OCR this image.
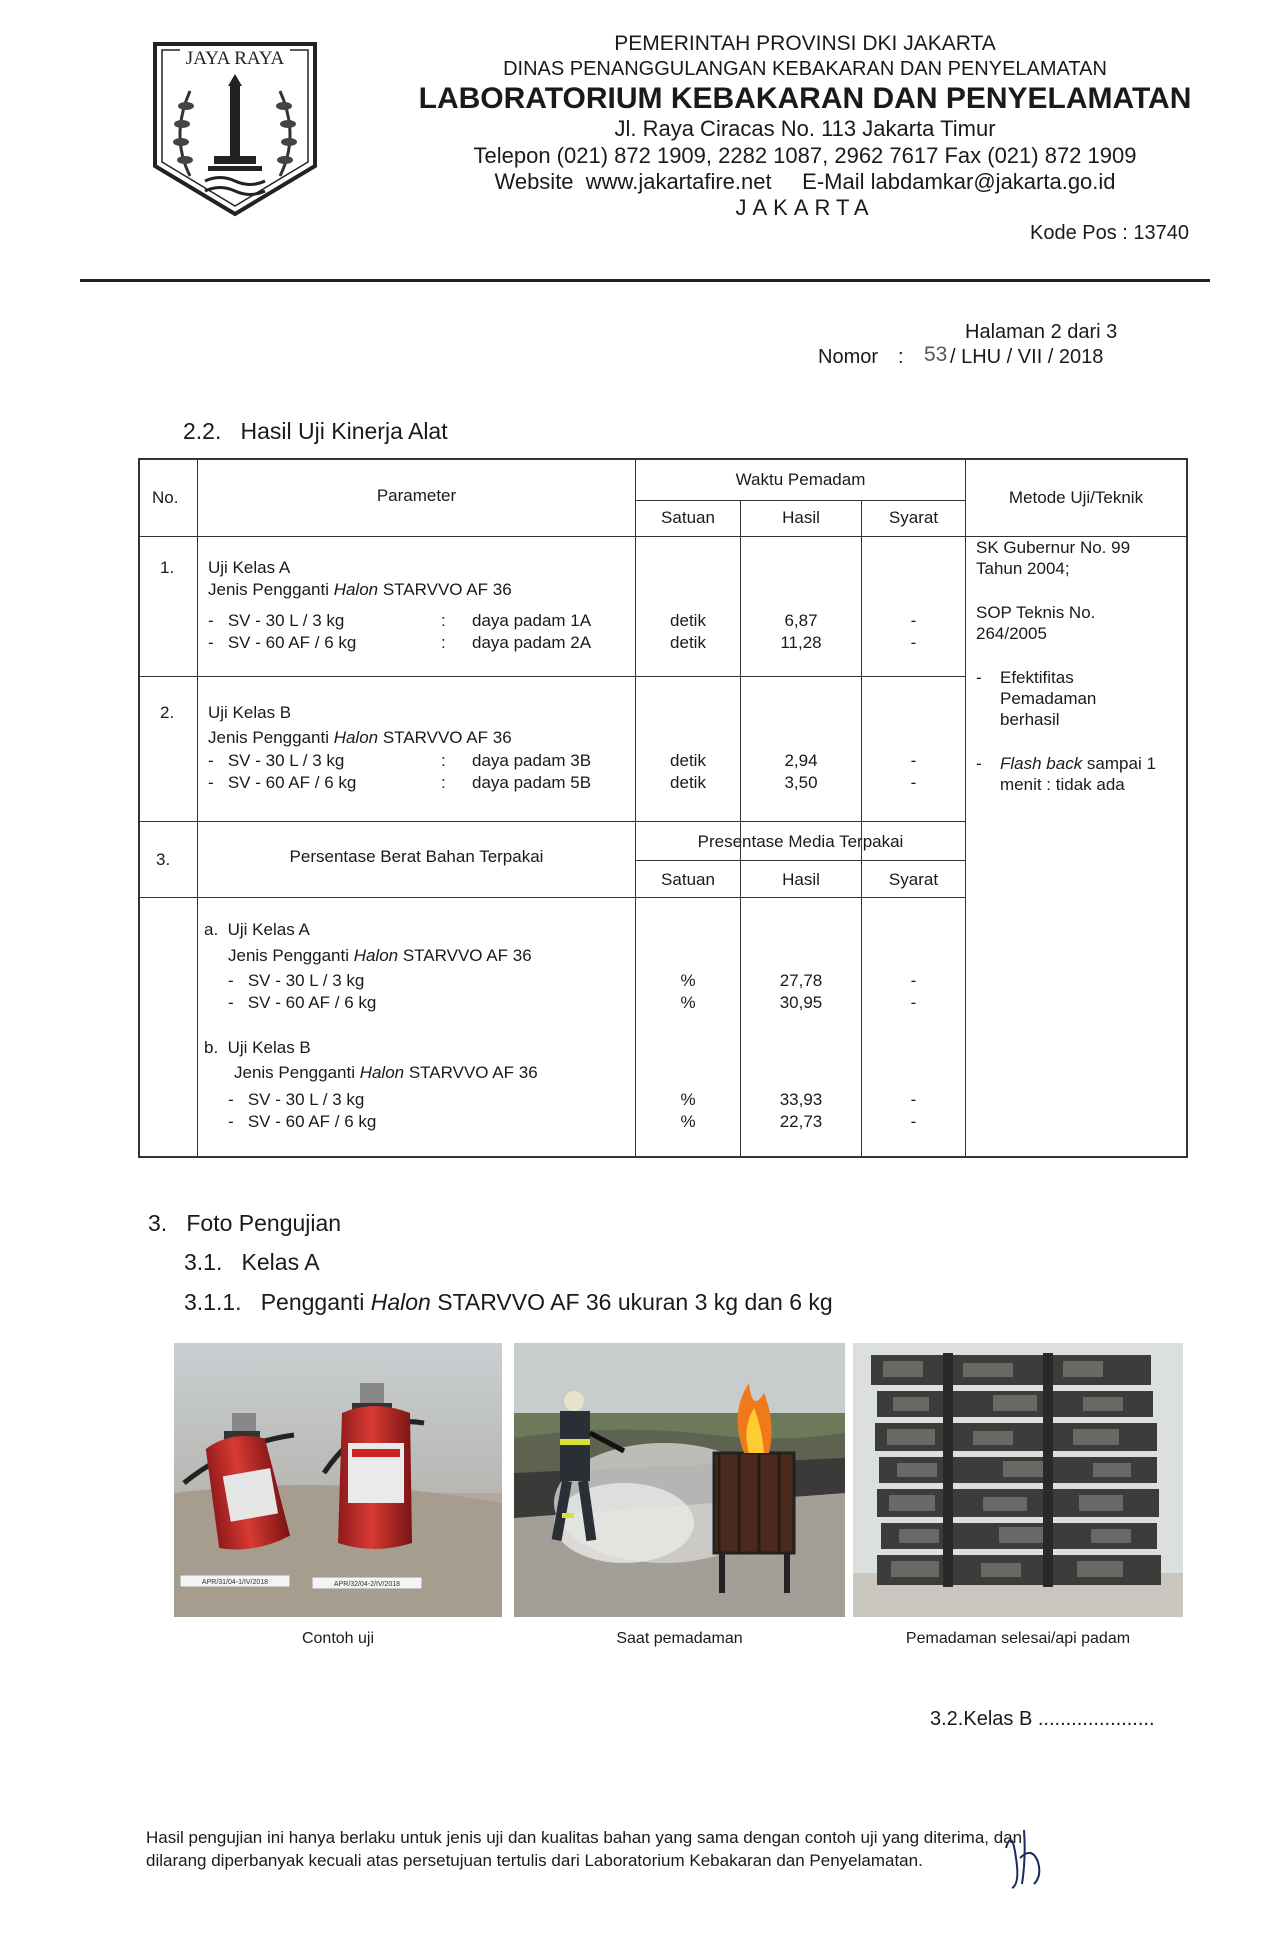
JAYA RAYA
PEMERINTAH PROVINSI DKI JAKARTA
DINAS PENANGGULANGAN KEBAKARAN DAN PENYELAMATAN
LABORATORIUM KEBAKARAN DAN PENYELAMATAN
Jl. Raya Ciracas No. 113 Jakarta Timur
Telepon (021) 872 1909, 2282 1087, 2962 7617 Fax (021) 872 1909
Website  www.jakartafire.net     E-Mail labdamkar@jakarta.go.id
JAKARTA
Kode Pos : 13740
Halaman 2 dari 3
Nomor : 53 / LHU / VII / 2018
2.2.   Hasil Uji Kinerja Alat
No.	Parameter
Waktu Pemadam
Satuan	Hasil	Syarat
Metode Uji/Teknik
1. Uji Kelas A
Jenis Pengganti Halon STARVVO AF 36
-   SV - 30 L / 3 kg	: daya padam 1A	detik	6,87	-
-   SV - 60 AF / 6 kg	: daya padam 2A	detik	11,28	-
2. Uji Kelas B
Jenis Pengganti Halon STARVVO AF 36
-   SV - 30 L / 3 kg	: daya padam 3B	detik	2,94	-
-   SV - 60 AF / 6 kg	: daya padam 5B	detik	3,50	-
SK Gubernur No. 99
Tahun 2004;
SOP Teknis No.
264/2005
- Efektifitas
Pemadaman
berhasil
- Flash back sampai 1
menit : tidak ada
3.	Persentase Berat Bahan Terpakai
Presentase Media Terpakai
Satuan	Hasil	Syarat
a.  Uji Kelas A
Jenis Pengganti Halon STARVVO AF 36
-   SV - 30 L / 3 kg	%	27,78	-
-   SV - 60 AF / 6 kg	%	30,95	-
b.  Uji Kelas B
Jenis Pengganti Halon STARVVO AF 36
-   SV - 30 L / 3 kg	%	33,93	-
-   SV - 60 AF / 6 kg	%	22,73	-
3.   Foto Pengujian
3.1.   Kelas A
3.1.1.   Pengganti Halon STARVVO AF 36 ukuran 3 kg dan 6 kg
APR/31/04-1/IV/2018	APR/32/04-2/IV/2018
Contoh uji	Saat pemadaman	Pemadaman selesai/api padam
3.2.Kelas B .....................
Hasil pengujian ini hanya berlaku untuk jenis uji dan kualitas bahan yang sama dengan contoh uji yang diterima, dan
dilarang diperbanyak kecuali atas persetujuan tertulis dari Laboratorium Kebakaran dan Penyelamatan.
